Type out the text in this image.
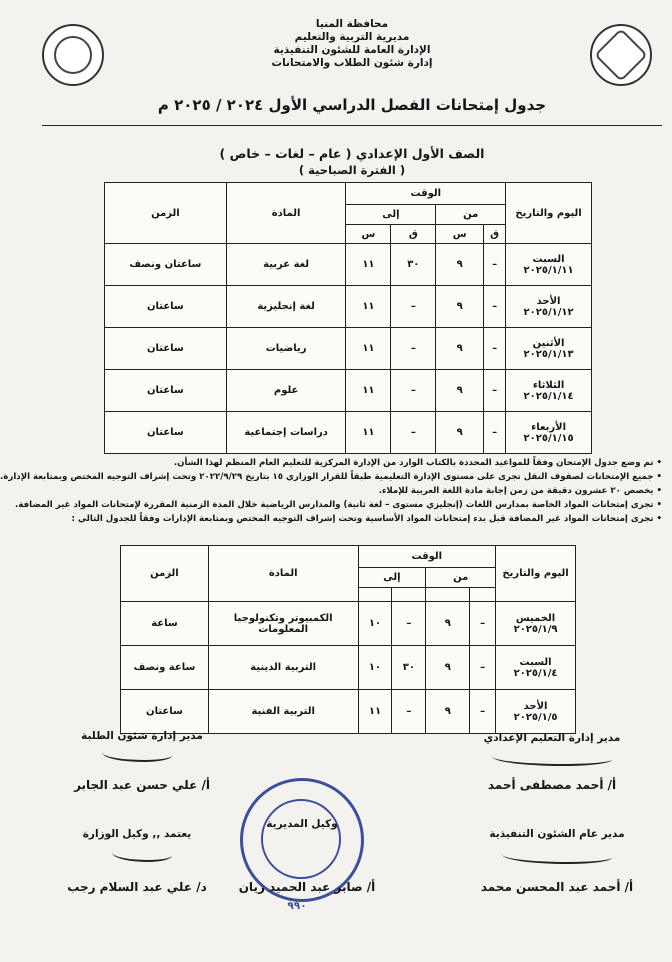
محافظة المنيا
مديرية التربية والتعليم
الإدارة العامة للشئون التنفيذية
إدارة شئون الطلاب والامتحانات
جدول إمتحانات الفصل الدراسي الأول ٢٠٢٤ / ٢٠٢٥ م
الصف الأول الإعدادي ( عام – لغات – خاص )
( الفترة الصباحية )
اليوم والتاريخ	الوقت				المادة	الزمن
	من		إلى			
	ق	س	ق	س		

السبت
٢٠٢٥/١/١١	–	٩	٣٠	١١	لغة عربية	ساعتان ونصف

الأحد
٢٠٢٥/١/١٢	–	٩	–	١١	لغة إنجليزية	ساعتان

الأثنين
٢٠٢٥/١/١٣	–	٩	–	١١	رياضيات	ساعتان

الثلاثاء
٢٠٢٥/١/١٤	–	٩	–	١١	علوم	ساعتان

الأربعاء
٢٠٢٥/١/١٥	–	٩	–	١١	دراسات إجتماعية	ساعتان
• تم وضع جدول الإمتحان وفقاً للمواعيد المحددة بالكتاب الوارد من الإدارة المركزية للتعليم العام المنظم لهذا الشأن.
• جميع الإمتحانات لصفوف النقل تجرى على مستوى الإدارة التعليمية طبقاً للقرار الوزاري ١٥ بتاريخ ٢٠٢٢/٩/٢٩ وتحت إشراف التوجيه المختص وبمتابعة الإدارة.
• يخصص ٢٠ عشرون دقيقة من زمن إجابة مادة اللغة العربية للإملاء.
• تجرى إمتحانات المواد الخاصة بمدارس اللغات (إنجليزي مستوى – لغة ثانية) والمدارس الرياضية خلال المدة الزمنية المقررة لإمتحانات المواد غير المضافة.
• تجرى إمتحانات المواد غير المضافة قبل بدء إمتحانات المواد الأساسية وتحت إشراف التوجيه المختص وبمتابعة الإدارات وفقاً للجدول التالي :
اليوم والتاريخ	الوقت				المادة	الزمن
	من		إلى			

الخميس
٢٠٢٥/١/٩	–	٩	–	١٠	الكمبيوتر وتكنولوجيا المعلومات	ساعة

السبت
٢٠٢٥/١/٤	–	٩	٣٠	١٠	التربية الدينية	ساعة ونصف

الأحد
٢٠٢٥/١/٥	–	٩	–	١١	التربية الفنية	ساعتان
مدير إدارة التعليم الإعدادي
أ/ أحمد مصطفى أحمد
مدير إدارة شئون الطلبة
أ/ علي حسن عبد الجابر
مدير عام الشئون التنفيذية
أ/ أحمد عبد المحسن محمد
وكيل المديرية
أ/ صابر عبد الحميد زيان
٩٩٠
يعتمد ,, وكيل الوزارة
د/ علي عبد السلام رجب
